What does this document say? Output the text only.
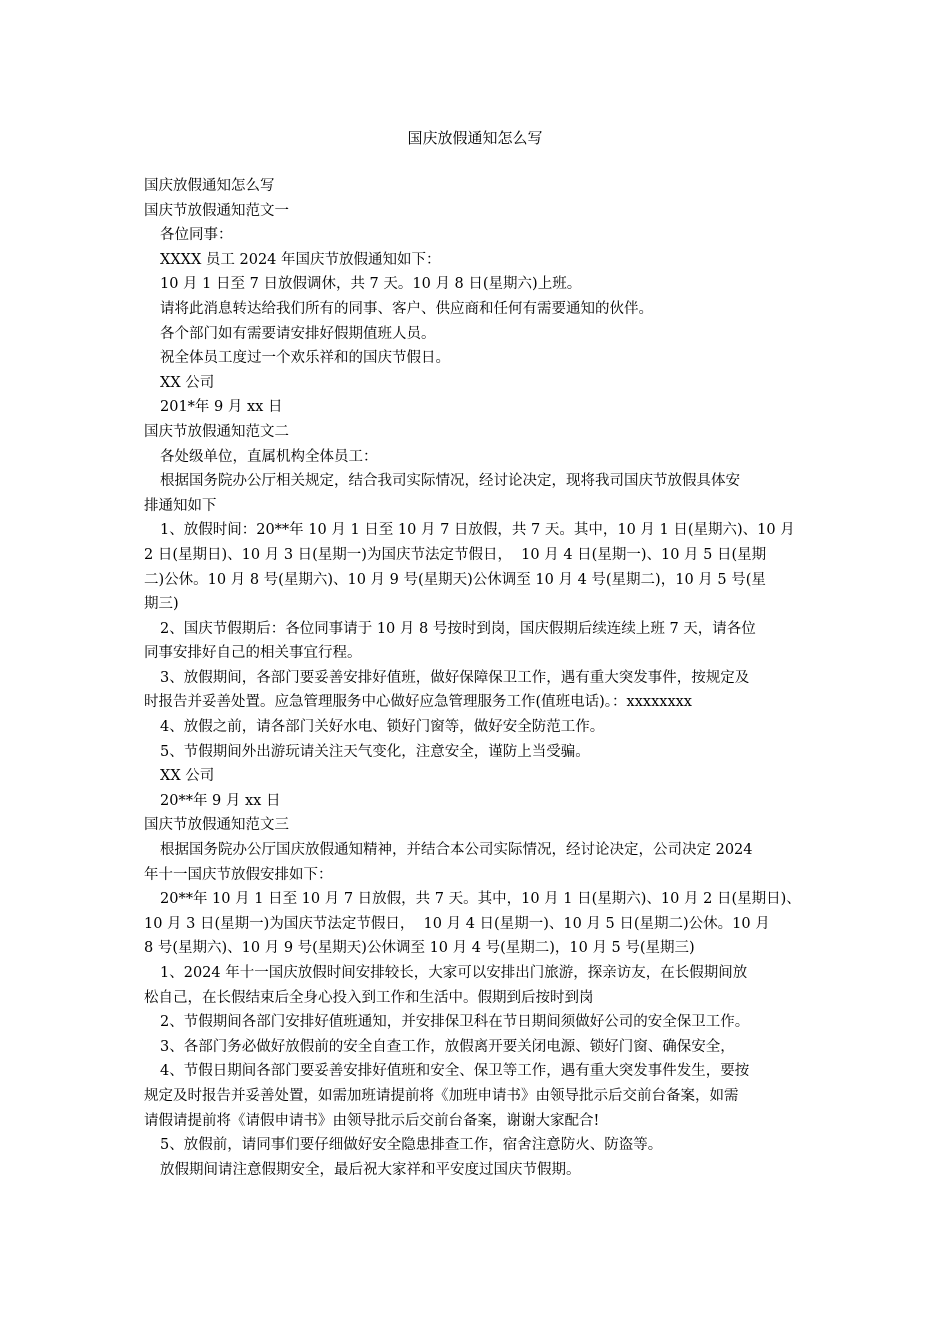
国庆放假通知怎么写

国庆放假通知怎么写

国庆节放假通知范文一

各位同事：

XXXX 员工 2024 年国庆节放假通知如下：

10 月 1 日至 7 日放假调休，共 7 天。10 月 8 日(星期六)上班。

请将此消息转达给我们所有的同事、客户、供应商和任何有需要通知的伙伴。

各个部门如有需要请安排好假期值班人员。

祝全体员工度过一个欢乐祥和的国庆节假日。

XX 公司

201*年 9 月 xx 日

国庆节放假通知范文二

各处级单位，直属机构全体员工：

根据国务院办公厅相关规定，结合我司实际情况，经讨论决定，现将我司国庆节放假具体安

排通知如下

1、放假时间：20**年 10 月 1 日至 10 月 7 日放假，共 7 天。其中，10 月 1 日(星期六)、10 月

2 日(星期日)、10 月 3 日(星期一)为国庆节法定节假日，  10 月 4 日(星期一)、10 月 5 日(星期

二)公休。10 月 8 号(星期六)、10 月 9 号(星期天)公休调至 10 月 4 号(星期二)，10 月 5 号(星

期三)

2、国庆节假期后：各位同事请于 10 月 8 号按时到岗，国庆假期后续连续上班 7 天，请各位

同事安排好自己的相关事宜行程。

3、放假期间，各部门要妥善安排好值班，做好保障保卫工作，遇有重大突发事件，按规定及

时报告并妥善处置。应急管理服务中心做好应急管理服务工作(值班电话)。：xxxxxxxx

4、放假之前，请各部门关好水电、锁好门窗等，做好安全防范工作。

5、节假期间外出游玩请关注天气变化，注意安全，谨防上当受骗。

XX 公司

20**年 9 月 xx 日

国庆节放假通知范文三

根据国务院办公厅国庆放假通知精神，并结合本公司实际情况，经讨论决定，公司决定 2024

年十一国庆节放假安排如下：

20**年 10 月 1 日至 10 月 7 日放假，共 7 天。其中，10 月 1 日(星期六)、10 月 2 日(星期日)、

10 月 3 日(星期一)为国庆节法定节假日，  10 月 4 日(星期一)、10 月 5 日(星期二)公休。10 月

8 号(星期六)、10 月 9 号(星期天)公休调至 10 月 4 号(星期二)，10 月 5 号(星期三)

1、2024 年十一国庆放假时间安排较长，大家可以安排出门旅游，探亲访友，在长假期间放

松自己，在长假结束后全身心投入到工作和生活中。假期到后按时到岗

2、节假期间各部门安排好值班通知，并安排保卫科在节日期间须做好公司的安全保卫工作。

3、各部门务必做好放假前的安全自查工作，放假离开要关闭电源、锁好门窗、确保安全，

4、节假日期间各部门要妥善安排好值班和安全、保卫等工作，遇有重大突发事件发生，要按

规定及时报告并妥善处置，如需加班请提前将《加班申请书》由领导批示后交前台备案，如需

请假请提前将《请假申请书》由领导批示后交前台备案，谢谢大家配合!

5、放假前，请同事们要仔细做好安全隐患排查工作，宿舍注意防火、防盗等。

放假期间请注意假期安全，最后祝大家祥和平安度过国庆节假期。
